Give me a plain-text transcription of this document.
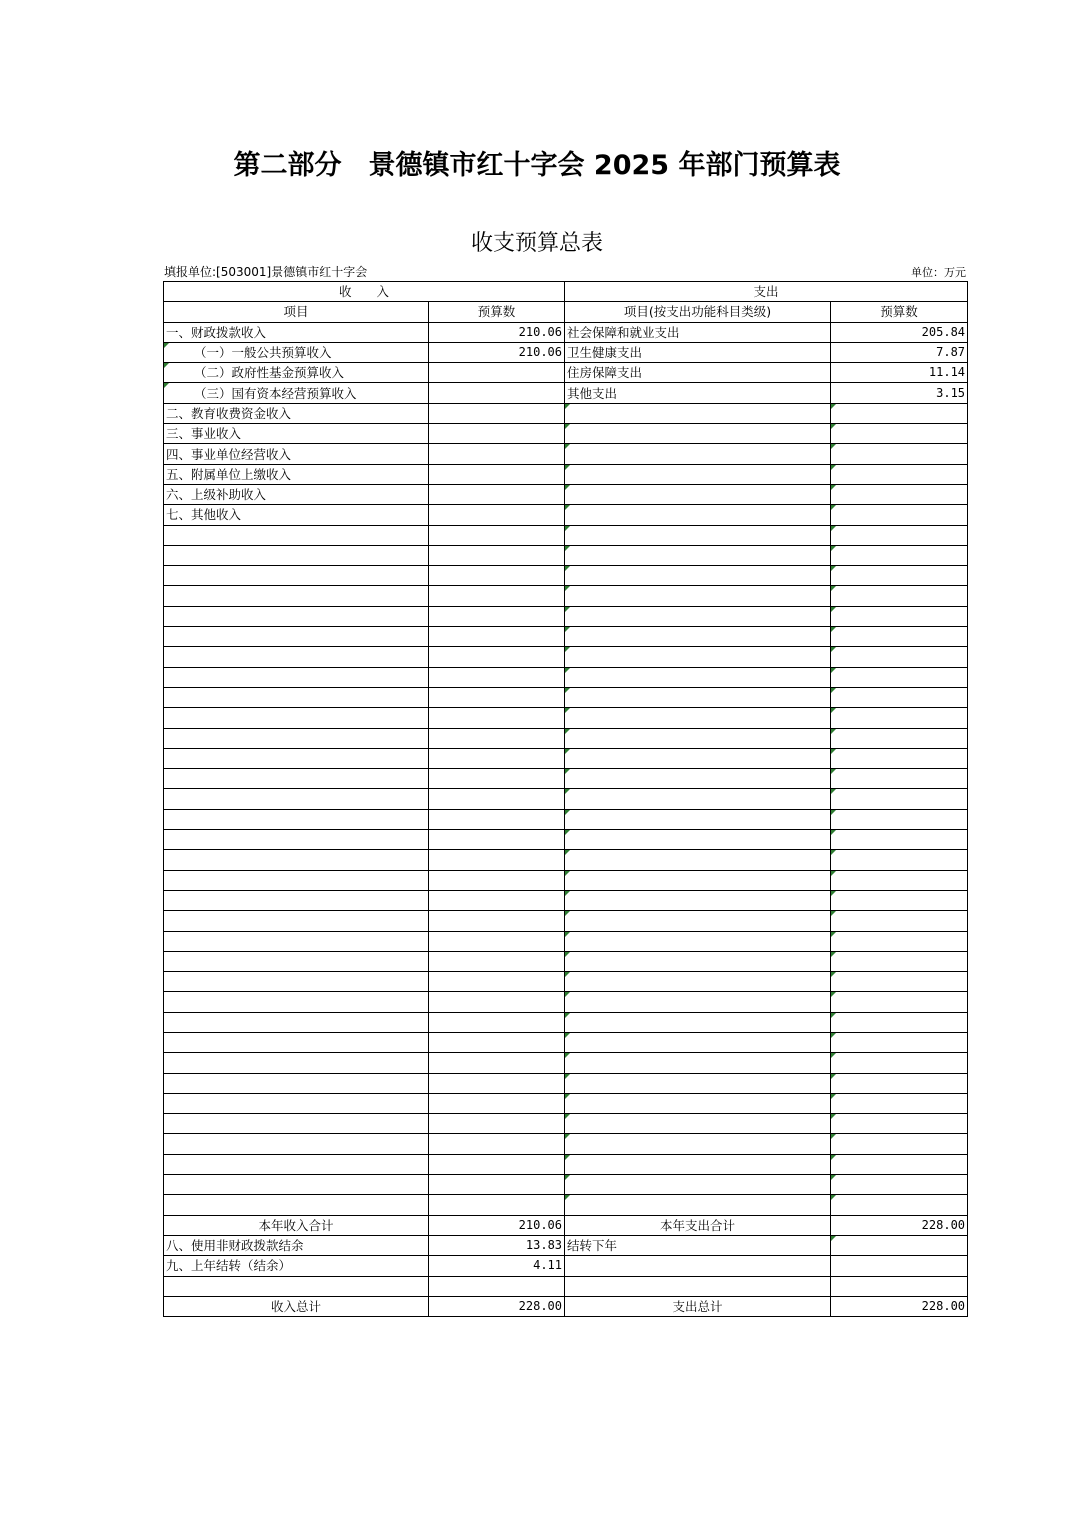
第二部分　景德镇市红十字会 2025 年部门预算表
收支预算总表
填报单位:[503001]景德镇市红十字会	单位：万元
收　　入		支出	
项目	预算数	项目(按支出功能科目类级)	预算数
一、财政拨款收入	210.06	社会保障和就业支出	205.84
（一）一般公共预算收入	210.06	卫生健康支出	7.87
（二）政府性基金预算收入		住房保障支出	11.14
（三）国有资本经营预算收入		其他支出	3.15
二、教育收费资金收入			
三、事业收入			
四、事业单位经营收入			
五、附属单位上缴收入			
六、上级补助收入			
七、其他收入			

本年收入合计	210.06	本年支出合计	228.00
八、使用非财政拨款结余	13.83	结转下年	
九、上年结转（结余）	4.11		

收入总计	228.00	支出总计	228.00
